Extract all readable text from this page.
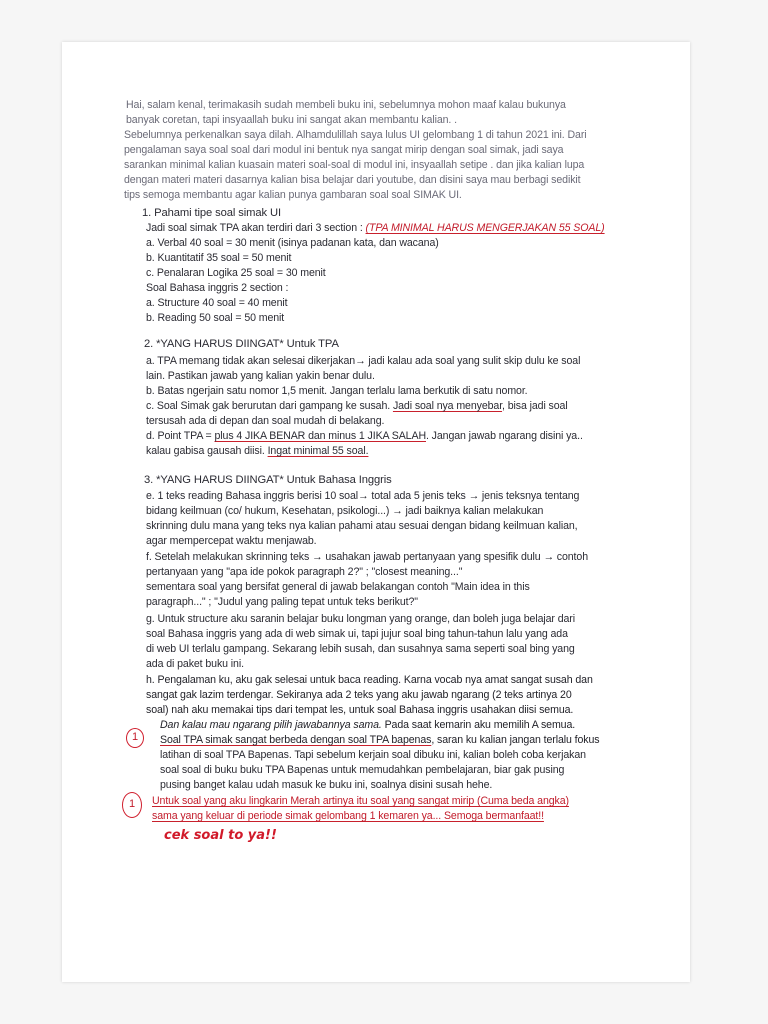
Hai, salam kenal, terimakasih sudah membeli buku ini, sebelumnya mohon maaf kalau bukunya
banyak coretan, tapi insyaallah buku ini sangat akan membantu kalian. .
Sebelumnya perkenalkan saya dilah. Alhamdulillah saya lulus UI gelombang 1 di tahun 2021 ini. Dari
pengalaman saya soal soal dari modul ini bentuk nya sangat mirip dengan soal simak, jadi saya
sarankan minimal kalian kuasain materi soal-soal di modul ini, insyaallah setipe . dan jika kalian lupa
dengan materi materi dasarnya kalian bisa belajar dari youtube, dan disini saya mau berbagi sedikit
tips semoga membantu agar kalian punya gambaran soal soal SIMAK UI.
1. Pahami tipe soal simak UI
Jadi soal simak TPA akan terdiri dari 3 section : (TPA MINIMAL HARUS MENGERJAKAN 55 SOAL)
a. Verbal 40 soal = 30 menit (isinya padanan kata, dan wacana)
b. Kuantitatif 35 soal = 50 menit
c. Penalaran Logika 25 soal = 30 menit
Soal Bahasa inggris 2 section :
a. Structure 40 soal = 40 menit
b. Reading 50 soal = 50 menit
2. *YANG HARUS DIINGAT* Untuk TPA
a. TPA memang tidak akan selesai dikerjakan→ jadi kalau ada soal yang sulit skip dulu ke soal
lain. Pastikan jawab yang kalian yakin benar dulu.
b. Batas ngerjain satu nomor 1,5 menit. Jangan terlalu lama berkutik di satu nomor.
c. Soal Simak gak berurutan dari gampang ke susah. Jadi soal nya menyebar, bisa jadi soal
tersusah ada di depan dan soal mudah di belakang.
d. Point TPA = plus 4 JIKA BENAR dan minus 1 JIKA SALAH. Jangan jawab ngarang disini ya..
kalau gabisa gausah diisi. Ingat minimal 55 soal.
3. *YANG HARUS DIINGAT* Untuk Bahasa Inggris
e. 1 teks reading Bahasa inggris berisi 10 soal→ total ada 5 jenis teks → jenis teksnya tentang
bidang keilmuan (co/ hukum, Kesehatan, psikologi...) → jadi baiknya kalian melakukan
skrinning dulu mana yang teks nya kalian pahami atau sesuai dengan bidang keilmuan kalian,
agar mempercepat waktu menjawab.
f. Setelah melakukan skrinning teks → usahakan jawab pertanyaan yang spesifik dulu → contoh
pertanyaan yang "apa ide pokok paragraph 2?" ; "closest meaning..."
sementara soal yang bersifat general di jawab belakangan contoh "Main idea in this
paragraph..." ; "Judul yang paling tepat untuk teks berikut?"
g. Untuk structure aku saranin belajar buku longman yang orange, dan boleh juga belajar dari
soal Bahasa inggris yang ada di web simak ui, tapi jujur soal bing tahun-tahun lalu yang ada
di web UI terlalu gampang. Sekarang lebih susah, dan susahnya sama seperti soal bing yang
ada di paket buku ini.
h. Pengalaman ku, aku gak selesai untuk baca reading. Karna vocab nya amat sangat susah dan
sangat gak lazim terdengar. Sekiranya ada 2 teks yang aku jawab ngarang (2 teks artinya 20
soal) nah aku memakai tips dari tempat les, untuk soal Bahasa inggris usahakan diisi semua.
Dan kalau mau ngarang pilih jawabannya sama. Pada saat kemarin aku memilih A semua.
1 Soal TPA simak sangat berbeda dengan soal TPA bapenas, saran ku kalian jangan terlalu fokus
latihan di soal TPA Bapenas. Tapi sebelum kerjain soal dibuku ini, kalian boleh coba kerjakan
soal soal di buku buku TPA Bapenas untuk memudahkan pembelajaran, biar gak pusing
pusing banget kalau udah masuk ke buku ini, soalnya disini susah hehe.
1 Untuk soal yang aku lingkarin Merah artinya itu soal yang sangat mirip (Cuma beda angka)
sama yang keluar di periode simak gelombang 1 kemaren ya... Semoga bermanfaat!!
cek soal to ya!!
